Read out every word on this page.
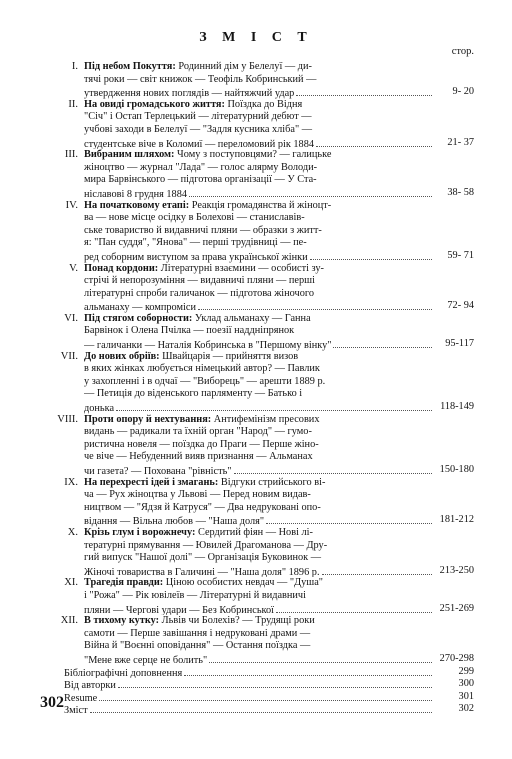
З М І С Т
стор.
I. Під небом Покуття: Родинний дім у Белелуї — ди-
тячі роки — світ книжок — Теофіль Кобринський —
утвердження нових поглядів — найтяжчий удар	9- 20
II. На овиді громадського життя: Поїздка до Відня
"Січ" і Остап Терлецький — літературний дебют —
учбові заходи в Белелуї — "Задля кусника хліба" —
студентське віче в Коломиї — переломовий рік 1884	21- 37
III. Вибраним шляхом: Чому з поступовцями? — галицьке
жіноцтво — журнал "Лада" — голос алярму Володи-
мира Барвінського — підготова організації — У Ста-
ніславові 8 грудня 1884	38- 58
IV. На початковому етапі: Реакція громадянства й жіноцт-
ва — нове місце осідку в Болехові — станиславів-
ське товариство й видавничі пляни — образки з житт-
я: "Пан суддя", "Янова" — перші трудівниці — пе-
ред соборним виступом за права української жінки	59- 71
V. Понад кордони: Літературні взаємини — особисті зу-
стрічі й непорозуміння — видавничі пляни — перші
літературні спроби галичанок — підготова жіночого
альманаху — компроміси	72- 94
VI. Під стягом соборности: Уклад альманаху — Ганна
Барвінок і Олена Пчілка — поезії наддніпрянок
— галичанки — Наталія Кобринська в "Першому вінку"	95-117
VII. До нових обріїв: Швайцарія — прийняття визов
в яких жінках любується німецький автор? — Павлик
у захопленні і в одчаї — "Виборець" — арешти 1889 р.
— Петиція до віденського парляменту — Батько і
донька	118-149
VIII. Проти опору й нехтування: Антифемінізм пресових
видань — радикали та їхній орган "Народ" — гумо-
ристична новеля — поїздка до Праги — Перше жіно-
че віче — Небуденний вияв признання — Альманах
чи газета? — Похована "рівність"	150-180
IX. На перехресті ідей і змагань: Відгуки стрийського ві-
ча — Рух жіноцтва у Львові — Перед новим видав-
ництвом — "Ядзя й Катруся" — Два недруковані опо-
відання — Вільна любов — "Наша доля"	181-212
X. Крізь глум і ворожнечу: Сердитий фіян — Нові лі-
тературні прямування — Ювилей Драгоманова — Дру-
гий випуск "Нашої долі" — Організація Буковинок —
Жіночі товариства в Галичині — "Наша доля" 1896 р.	213-250
XI. Трагедія правди: Ціною особистих невдач — "Душа"
і "Рожа" — Рік ювілеїв — Літературні й видавничі
пляни — Чергові удари — Без Кобринської	251-269
XII. В тихому кутку: Львів чи Болехів? — Трудящі роки
самоти — Перше завішання і недруковані драми —
Війна й "Воєнні оповідання" — Остання поїздка —
"Мене вже серце не болить"	270-298
Бібліографічні доповнення	299
Від авторки	300
Resume	301
Зміст	302
302
